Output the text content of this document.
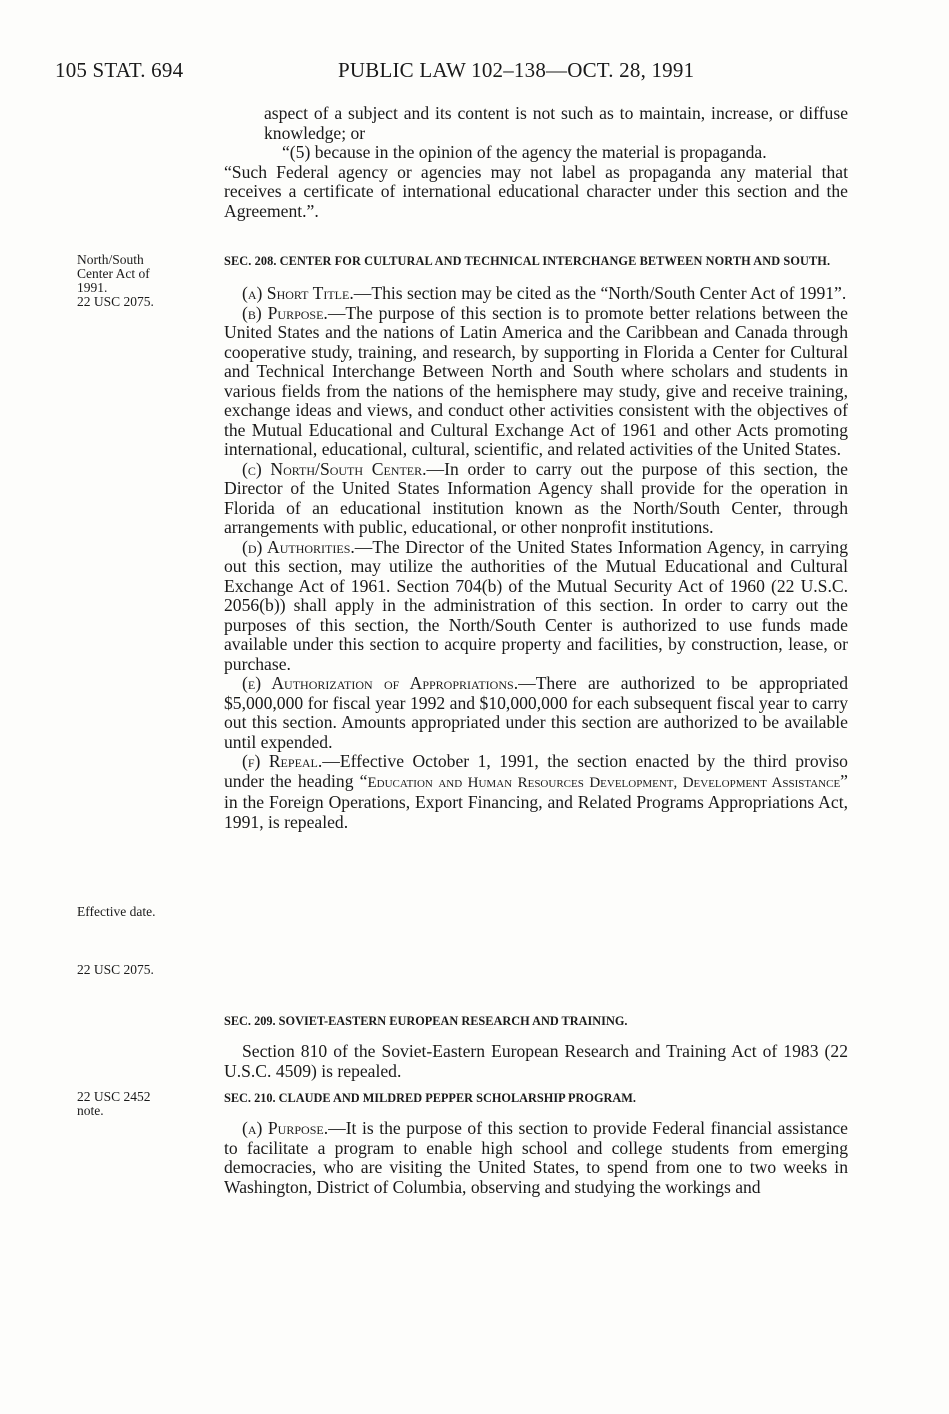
105 STAT. 694	PUBLIC LAW 102–138—OCT. 28, 1991
North/South
Center Act of
1991.
22 USC 2075.
Effective date.
22 USC 2075.
22 USC 2452
note.

aspect of a subject and its content is not such as to maintain, increase, or diffuse knowledge; or

“(5) because in the opinion of the agency the material is propaganda.

“Such Federal agency or agencies may not label as propaganda any material that receives a certificate of international educational character under this section and the Agreement.”.

SEC. 208. CENTER FOR CULTURAL AND TECHNICAL INTERCHANGE BETWEEN NORTH AND SOUTH.

(a) Short Title.—This section may be cited as the “North/South Center Act of 1991”.

(b) Purpose.—The purpose of this section is to promote better relations between the United States and the nations of Latin America and the Caribbean and Canada through cooperative study, training, and research, by supporting in Florida a Center for Cultural and Technical Interchange Between North and South where scholars and students in various fields from the nations of the hemisphere may study, give and receive training, exchange ideas and views, and conduct other activities consistent with the objectives of the Mutual Educational and Cultural Exchange Act of 1961 and other Acts promoting international, educational, cultural, scientific, and related activities of the United States.

(c) North/South Center.—In order to carry out the purpose of this section, the Director of the United States Information Agency shall provide for the operation in Florida of an educational institution known as the North/South Center, through arrangements with public, educational, or other nonprofit institutions.

(d) Authorities.—The Director of the United States Information Agency, in carrying out this section, may utilize the authorities of the Mutual Educational and Cultural Exchange Act of 1961. Section 704(b) of the Mutual Security Act of 1960 (22 U.S.C. 2056(b)) shall apply in the administration of this section. In order to carry out the purposes of this section, the North/South Center is authorized to use funds made available under this section to acquire property and facilities, by construction, lease, or purchase.

(e) Authorization of Appropriations.—There are authorized to be appropriated $5,000,000 for fiscal year 1992 and $10,000,000 for each subsequent fiscal year to carry out this section. Amounts appropriated under this section are authorized to be available until expended.

(f) Repeal.—Effective October 1, 1991, the section enacted by the third proviso under the heading “Education and Human Resources Development, Development Assistance” in the Foreign Operations, Export Financing, and Related Programs Appropriations Act, 1991, is repealed.

SEC. 209. SOVIET-EASTERN EUROPEAN RESEARCH AND TRAINING.

Section 810 of the Soviet-Eastern European Research and Training Act of 1983 (22 U.S.C. 4509) is repealed.

SEC. 210. CLAUDE AND MILDRED PEPPER SCHOLARSHIP PROGRAM.

(a) Purpose.—It is the purpose of this section to provide Federal financial assistance to facilitate a program to enable high school and college students from emerging democracies, who are visiting the United States, to spend from one to two weeks in Washington, District of Columbia, observing and studying the workings and
